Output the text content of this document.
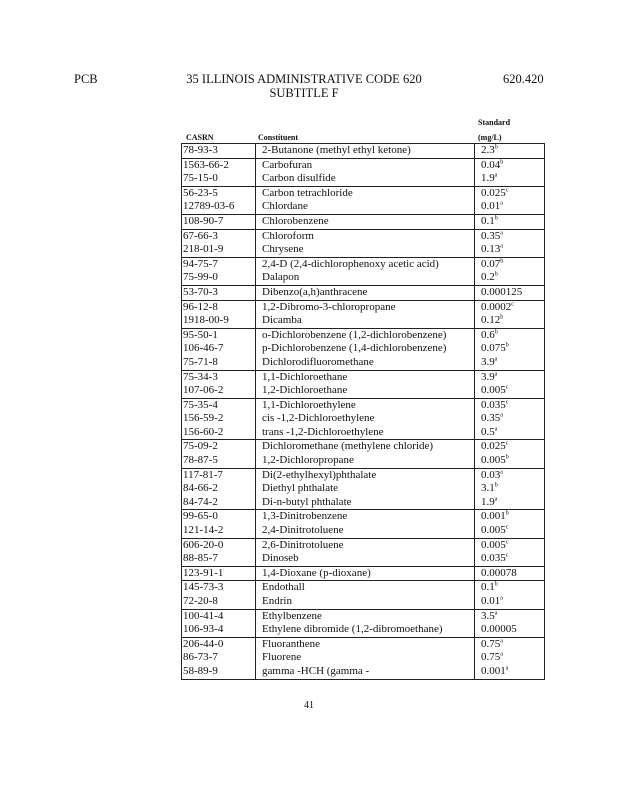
PCB	35 ILLINOIS ADMINISTRATIVE CODE 620
SUBTITLE F
620.420
CASRN	Constituent
Standard
(mg/L)
78-93-3	2-Butanone (methyl ethyl ketone)	2.3$^b$
1563-66-2	Carbofuran	0.04$^b$
75-15-0	Carbon disulfide	1.9$^a$
56-23-5	Carbon tetrachloride	0.025$^c$
12789-03-6	Chlordane	0.01$^a$
108-90-7	Chlorobenzene	0.1$^b$
67-66-3	Chloroform	0.35$^a$
218-01-9	Chrysene	0.13$^a$
94-75-7	2,4-D (2,4-dichlorophenoxy acetic acid)	0.07$^b$
75-99-0	Dalapon	0.2$^b$
53-70-3	Dibenzo(a,h)anthracene	0.000125
96-12-8	1,2-Dibromo-3-chloropropane	0.0002$^c$
1918-00-9	Dicamba	0.12$^b$
95-50-1	o-Dichlorobenzene (1,2-dichlorobenzene)	0.6$^b$
106-46-7	p-Dichlorobenzene (1,4-dichlorobenzene)	0.075$^b$
75-71-8	Dichlorodifluoromethane	3.9$^a$
75-34-3	1,1-Dichloroethane	3.9$^a$
107-06-2	1,2-Dichloroethane	0.005$^c$
75-35-4	1,1-Dichloroethylene	0.035$^c$
156-59-2	cis -1,2-Dichloroethylene	0.35$^a$
156-60-2	trans -1,2-Dichloroethylene	0.5$^a$
75-09-2	Dichloromethane (methylene chloride)	0.025$^c$
78-87-5	1,2-Dichloropropane	0.005$^b$
117-81-7	Di(2-ethylhexyl)phthalate	0.03$^a$
84-66-2	Diethyl phthalate	3.1$^b$
84-74-2	Di-n-butyl phthalate	1.9$^a$
99-65-0	1,3-Dinitrobenzene	0.001$^b$
121-14-2	2,4-Dinitrotoluene	0.005$^c$
606-20-0	2,6-Dinitrotoluene	0.005$^c$
88-85-7	Dinoseb	0.035$^c$
123-91-1	1,4-Dioxane (p-dioxane)	0.00078
145-73-3	Endothall	0.1$^b$
72-20-8	Endrin	0.01$^a$
100-41-4	Ethylbenzene	3.5$^a$
106-93-4	Ethylene dibromide (1,2-dibromoethane)	0.00005
206-44-0	Fluoranthene	0.75$^a$
86-73-7	Fluorene	0.75$^a$
58-89-9	gamma -HCH (gamma -	0.001$^a$
41
